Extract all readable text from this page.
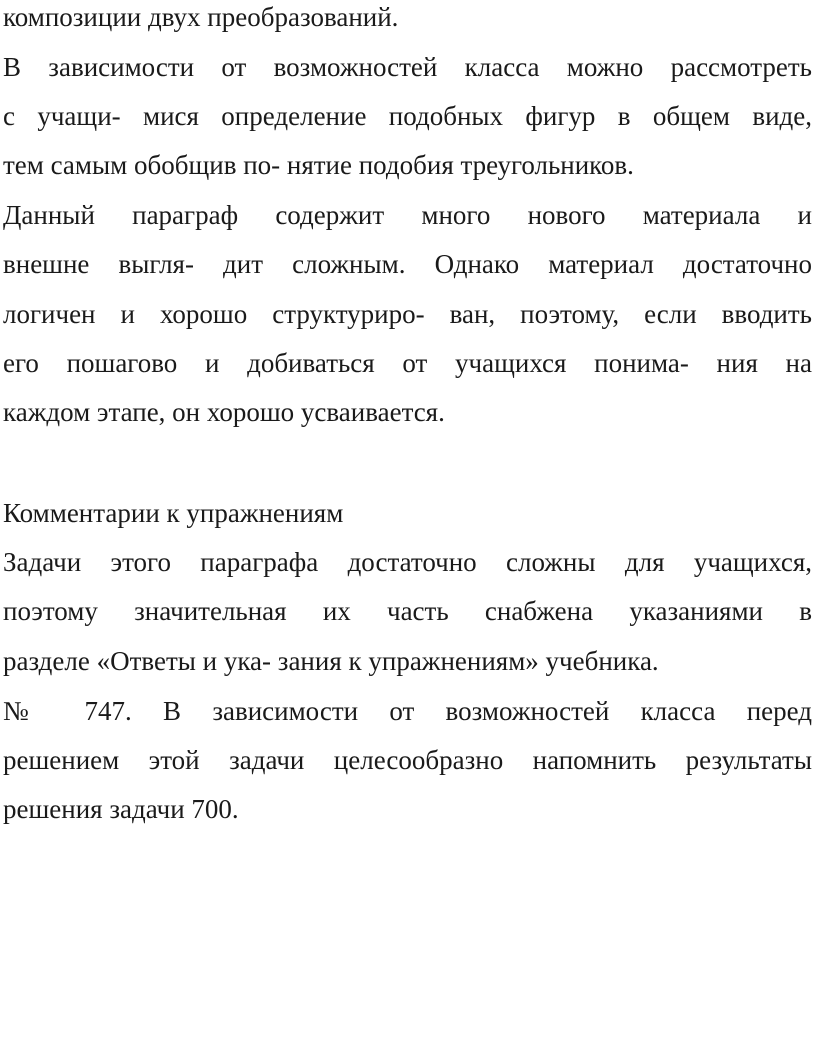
композиции двух преобразований.
В зависимости от возможностей класса можно рассмотреть
с учащи- мися определение подобных фигур в общем виде,
тем самым обобщив по- нятие подобия треугольников.
Данный параграф содержит много нового материала и
внешне выгля- дит сложным. Однако материал достаточно
логичен и хорошо структуриро- ван, поэтому, если вводить
его пошагово и добиваться от учащихся понима- ния на
каждом этапе, он хорошо усваивается.
Комментарии к упражнениям
Задачи этого параграфа достаточно сложны для учащихся,
поэтому значительная их часть снабжена указаниями в
разделе «Ответы и ука- зания к упражнениям» учебника.
№ 747. В зависимости от возможностей класса перед
решением этой задачи целесообразно напомнить результаты
решения задачи 700.
